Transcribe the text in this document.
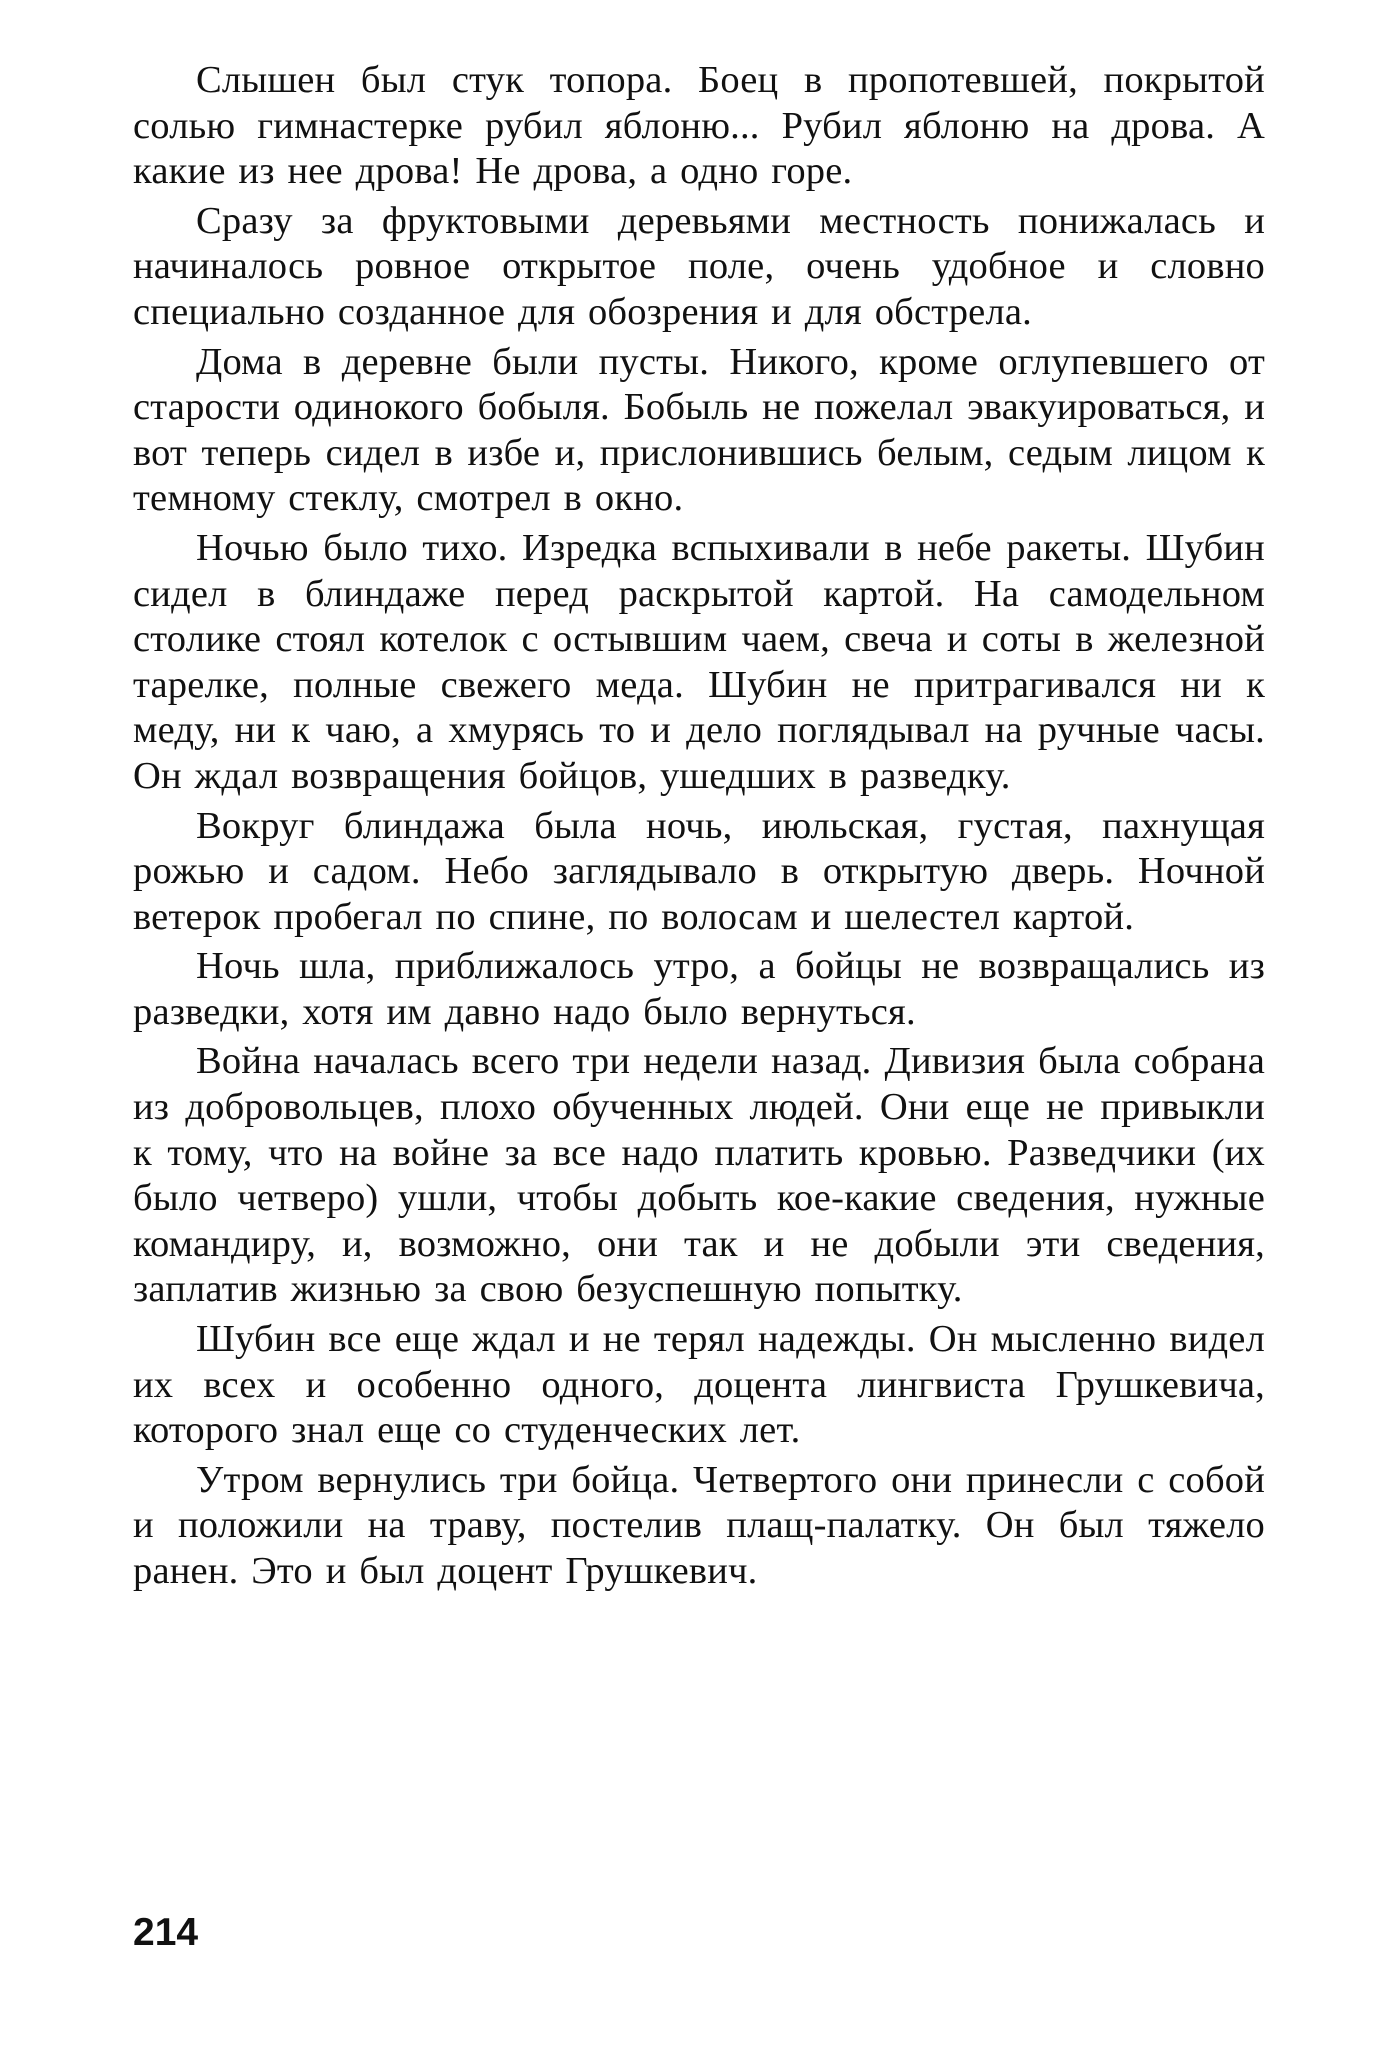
Слышен был стук топора. Боец в пропотевшей, покрытой солью гимнастерке рубил яблоню... Рубил яблоню на дрова. А какие из нее дрова! Не дрова, а одно горе.

Сразу за фруктовыми деревьями местность понижалась и начиналось ровное открытое поле, очень удобное и словно специально созданное для обозрения и для обстрела.

Дома в деревне были пусты. Никого, кроме оглупевшего от старости одинокого бобыля. Бобыль не пожелал эвакуироваться, и вот теперь сидел в избе и, прислонившись белым, седым лицом к темному стеклу, смотрел в окно.

Ночью было тихо. Изредка вспыхивали в небе ракеты. Шубин сидел в блиндаже перед раскрытой картой. На самодельном столике стоял котелок с остывшим чаем, свеча и соты в железной тарелке, полные свежего меда. Шубин не притрагивался ни к меду, ни к чаю, а хмурясь то и дело поглядывал на ручные часы. Он ждал возвращения бойцов, ушедших в разведку.

Вокруг блиндажа была ночь, июльская, густая, пахнущая рожью и садом. Небо заглядывало в открытую дверь. Ночной ветерок пробегал по спине, по волосам и шелестел картой.

Ночь шла, приближалось утро, а бойцы не возвращались из разведки, хотя им давно надо было вернуться.

Война началась всего три недели назад. Дивизия была собрана из добровольцев, плохо обученных людей. Они еще не привыкли к тому, что на войне за все надо платить кровью. Разведчики (их было четверо) ушли, чтобы добыть кое-какие сведения, нужные командиру, и, возможно, они так и не добыли эти сведения, заплатив жизнью за свою безуспешную попытку.

Шубин все еще ждал и не терял надежды. Он мысленно видел их всех и особенно одного, доцента лингвиста Грушкевича, которого знал еще со студенческих лет.

Утром вернулись три бойца. Четвертого они принесли с собой и положили на траву, постелив плащ-палатку. Он был тяжело ранен. Это и был доцент Грушкевич.

214
